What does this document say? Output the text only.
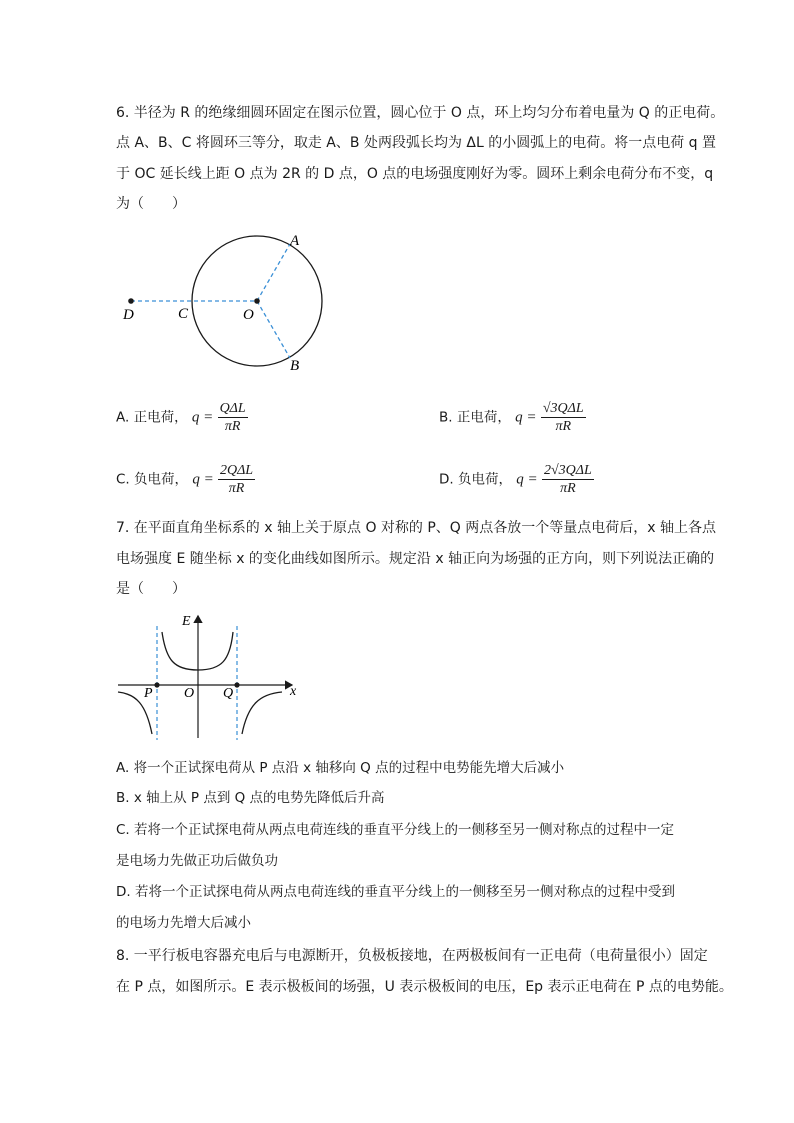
6. 半径为 R 的绝缘细圆环固定在图示位置，圆心位于 O 点，环上均匀分布着电量为 Q 的正电荷。
点 A、B、C 将圆环三等分，取走 A、B 处两段弧长均为 ΔL 的小圆弧上的电荷。将一点电荷 q 置
于 OC 延长线上距 O 点为 2R 的 D 点，O 点的电场强度刚好为零。圆环上剩余电荷分布不变，q
为（　　）
A
B
C
D	O
A. 正电荷， $q = \frac{\text{QΔL}}{\pi R}$	B. 正电荷， $q = \frac{\text{√3QΔL}}{\pi R}$
C. 负电荷， $q = \frac{\text{2QΔL}}{\pi R}$	D. 负电荷， $q = \frac{\text{2√3QΔL}}{\pi R}$
7. 在平面直角坐标系的 x 轴上关于原点 O 对称的 P、Q 两点各放一个等量点电荷后，x 轴上各点
电场强度 E 随坐标 x 的变化曲线如图所示。规定沿 x 轴正向为场强的正方向，则下列说法正确的
是（　　）
E
x
P O Q
A. 将一个正试探电荷从 P 点沿 x 轴移向 Q 点的过程中电势能先增大后减小
B. x 轴上从 P 点到 Q 点的电势先降低后升高
C. 若将一个正试探电荷从两点电荷连线的垂直平分线上的一侧移至另一侧对称点的过程中一定
是电场力先做正功后做负功
D. 若将一个正试探电荷从两点电荷连线的垂直平分线上的一侧移至另一侧对称点的过程中受到
的电场力先增大后减小
8. 一平行板电容器充电后与电源断开，负极板接地，在两极板间有一正电荷（电荷量很小）固定
在 P 点，如图所示。E 表示极板间的场强，U 表示极板间的电压，Ep 表示正电荷在 P 点的电势能。
